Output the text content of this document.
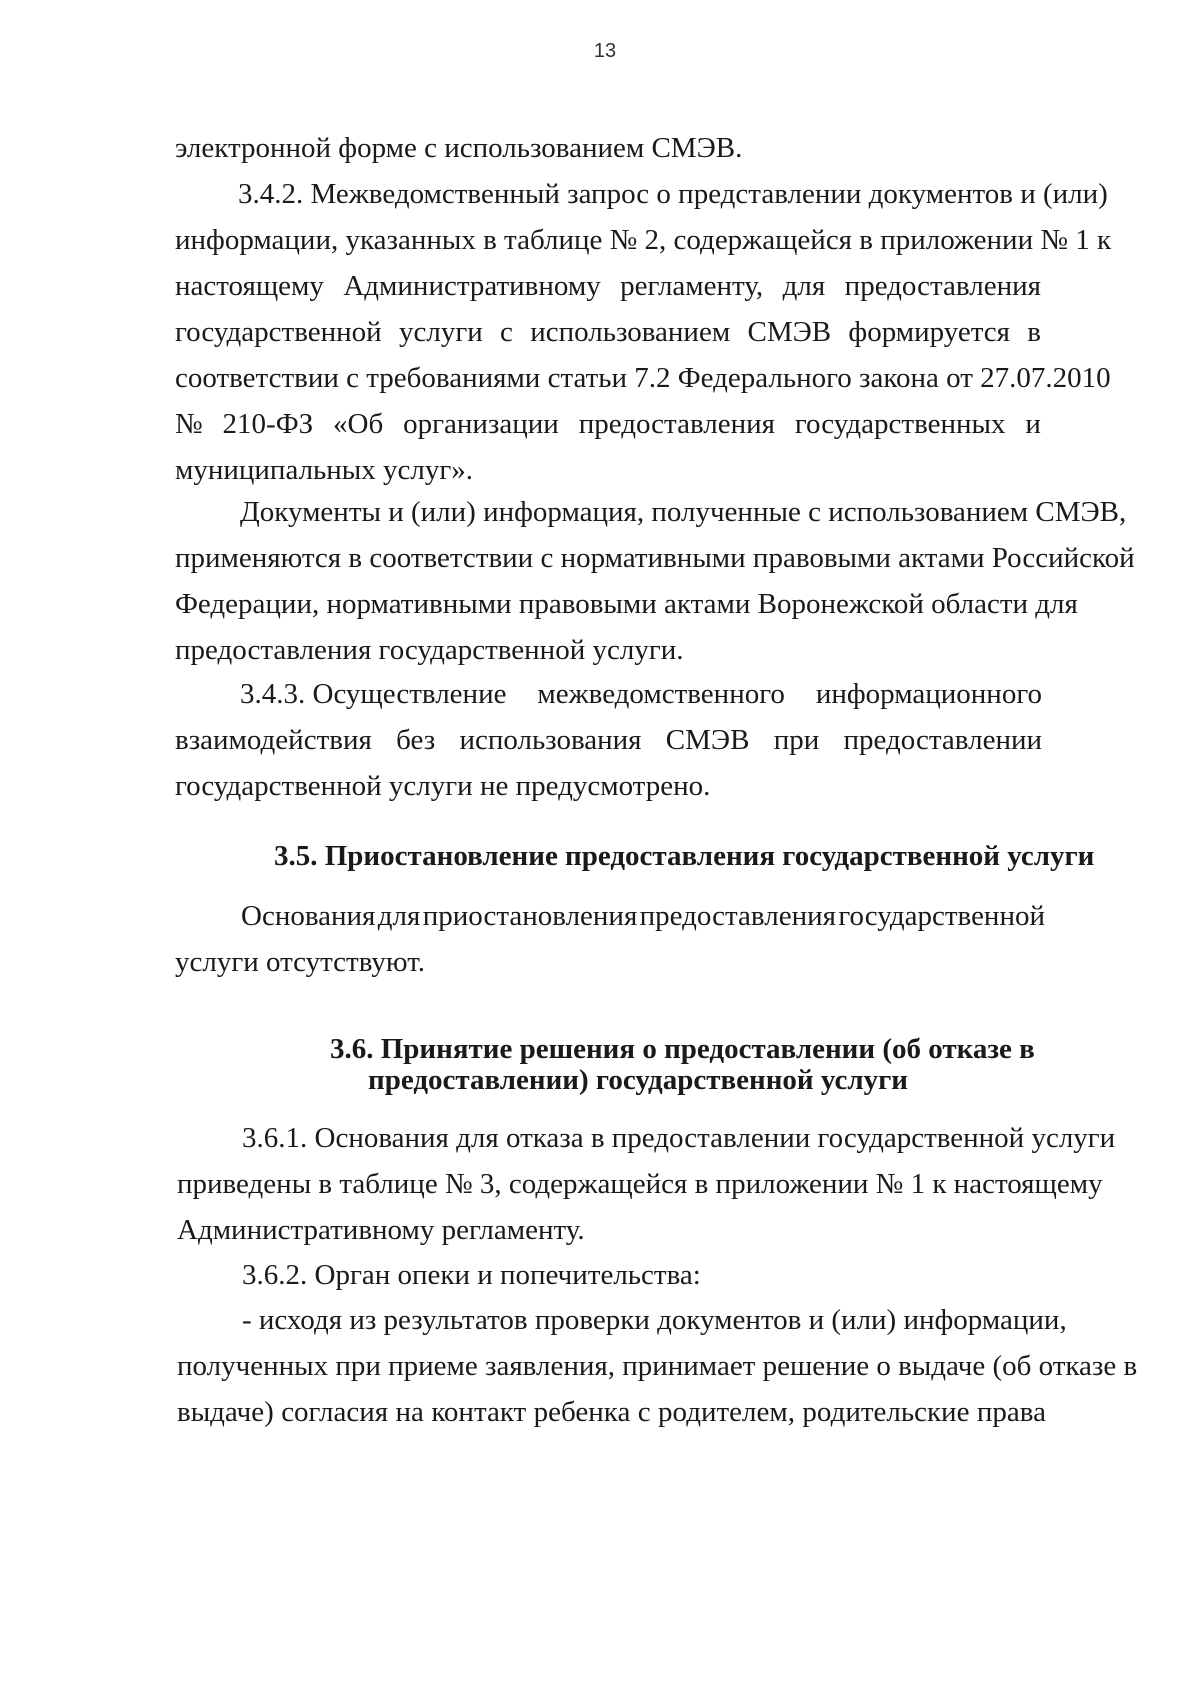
13
электронной форме с использованием СМЭВ.
3.4.2. Межведомственный запрос о представлении документов и (или)
информации, указанных в таблице № 2, содержащейся в приложении № 1 к
настоящему Административному регламенту, для предоставления
государственной услуги с использованием СМЭВ формируется в
соответствии с требованиями статьи 7.2 Федерального закона от 27.07.2010
№ 210-ФЗ «Об организации предоставления государственных и
муниципальных услуг».
Документы и (или) информация, полученные с использованием СМЭВ,
применяются в соответствии с нормативными правовыми актами Российской
Федерации, нормативными правовыми актами Воронежской области для
предоставления государственной услуги.
3.4.3. Осуществление межведомственного информационного
взаимодействия без использования СМЭВ при предоставлении
государственной услуги не предусмотрено.
3.5. Приостановление предоставления государственной услуги
Основания для приостановления предоставления государственной
услуги отсутствуют.
3.6. Принятие решения о предоставлении (об отказе в
предоставлении) государственной услуги
3.6.1. Основания для отказа в предоставлении государственной услуги
приведены в таблице № 3, содержащейся в приложении № 1 к настоящему
Административному регламенту.
3.6.2. Орган опеки и попечительства:
- исходя из результатов проверки документов и (или) информации,
полученных при приеме заявления, принимает решение о выдаче (об отказе в
выдаче) согласия на контакт ребенка с родителем, родительские права
